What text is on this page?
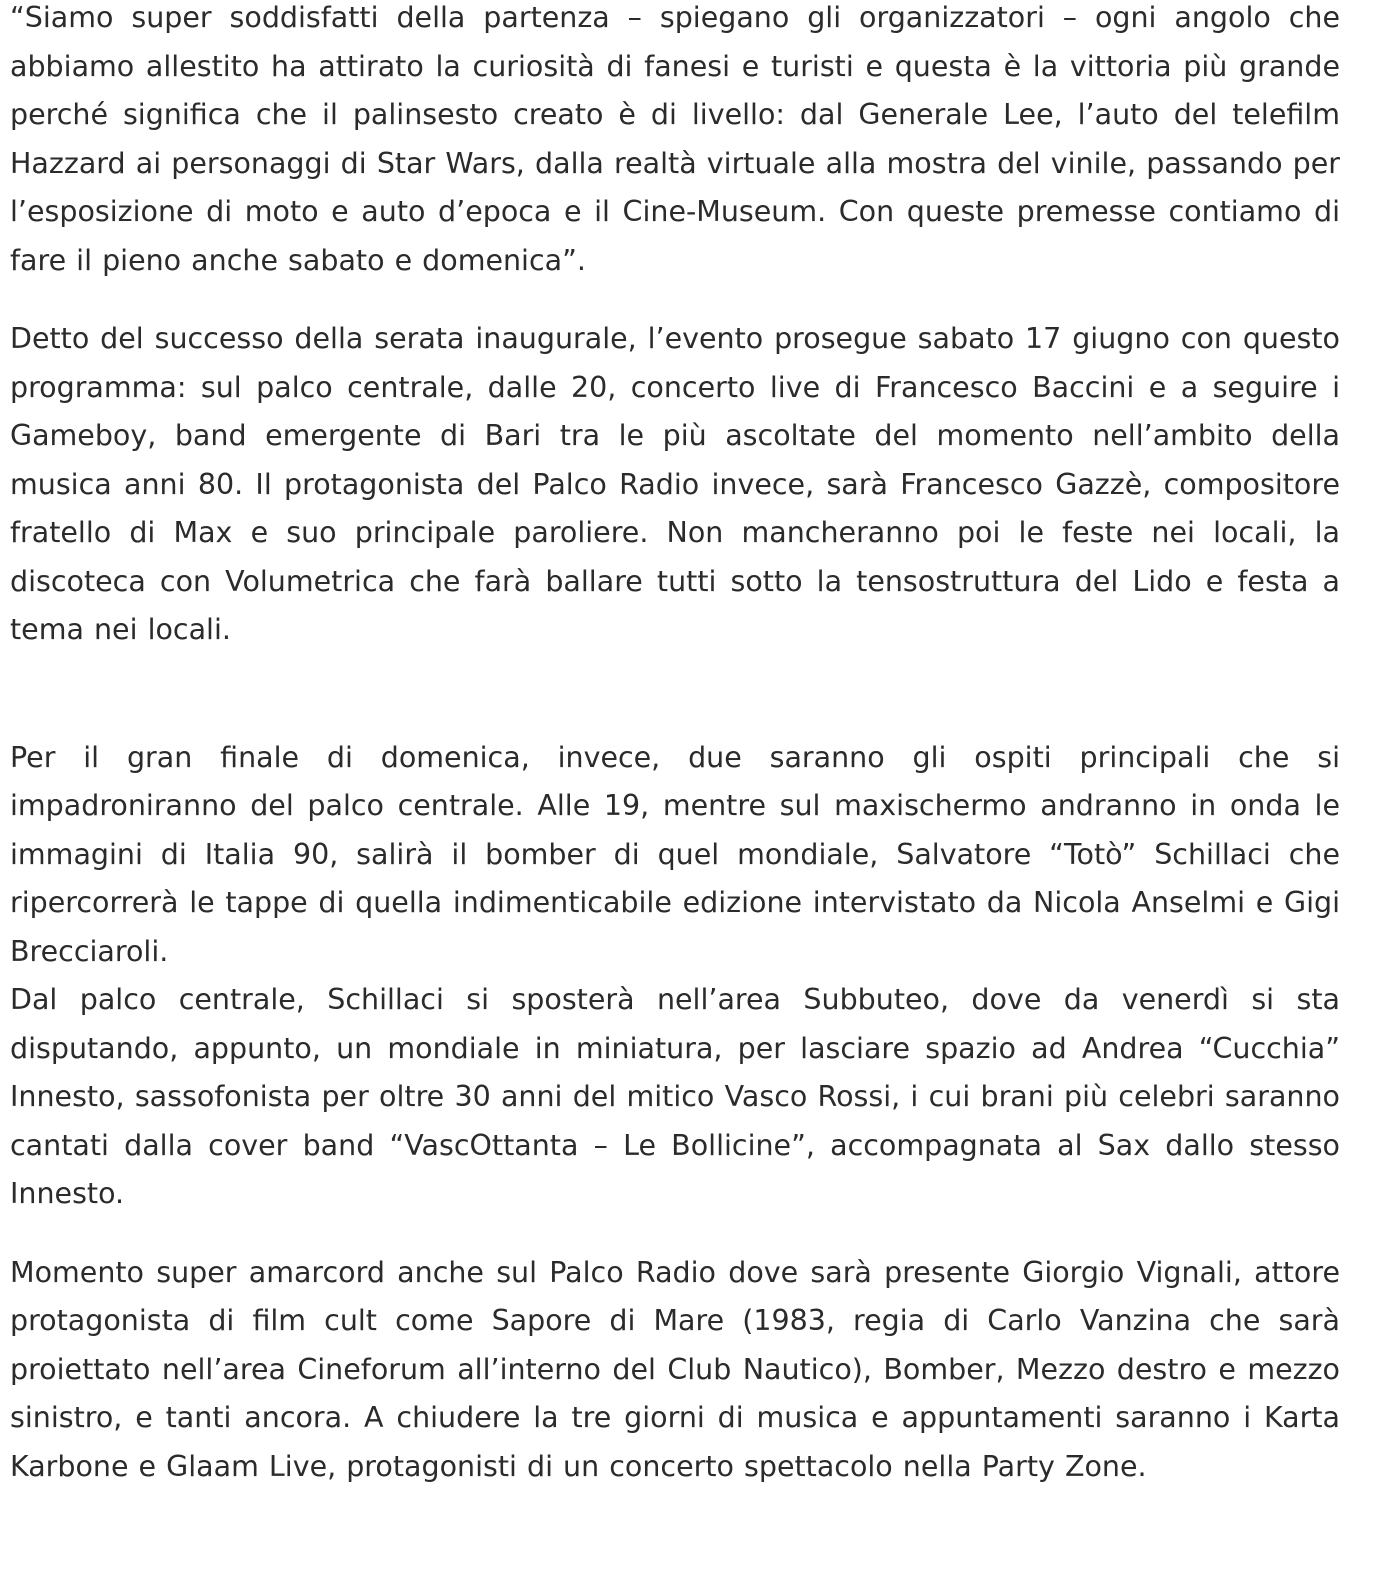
“Siamo super soddisfatti della partenza – spiegano gli organizzatori – ogni angolo che abbiamo allestito ha attirato la curiosità di fanesi e turisti e questa è la vittoria più grande perché significa che il palinsesto creato è di livello: dal Generale Lee, l’auto del telefilm Hazzard ai personaggi di Star Wars, dalla realtà virtuale alla mostra del vinile, passando per l’esposizione di moto e auto d’epoca e il Cine-Museum. Con queste premesse contiamo di fare il pieno anche sabato e domenica”.

Detto del successo della serata inaugurale, l’evento prosegue sabato 17 giugno con questo programma: sul palco centrale, dalle 20, concerto live di Francesco Baccini e a seguire i Gameboy, band emergente di Bari tra le più ascoltate del momento nell’ambito della musica anni 80. Il protagonista del Palco Radio invece, sarà Francesco Gazzè, compositore fratello di Max e suo principale paroliere. Non mancheranno poi le feste nei locali, la discoteca con Volumetrica che farà ballare tutti sotto la tensostruttura del Lido e festa a tema nei locali.

Per il gran finale di domenica, invece, due saranno gli ospiti principali che si impadroniranno del palco centrale. Alle 19, mentre sul maxischermo andranno in onda le immagini di Italia 90, salirà il bomber di quel mondiale, Salvatore “Totò” Schillaci che ripercorrerà le tappe di quella indimenticabile edizione intervistato da Nicola Anselmi e Gigi Brecciaroli.

Dal palco centrale, Schillaci si sposterà nell’area Subbuteo, dove da venerdì si sta disputando, appunto, un mondiale in miniatura, per lasciare spazio ad Andrea “Cucchia” Innesto, sassofonista per oltre 30 anni del mitico Vasco Rossi, i cui brani più celebri saranno cantati dalla cover band “VascOttanta – Le Bollicine”, accompagnata al Sax dallo stesso Innesto.

Momento super amarcord anche sul Palco Radio dove sarà presente Giorgio Vignali, attore protagonista di film cult come Sapore di Mare (1983, regia di Carlo Vanzina che sarà proiettato nell’area Cineforum all’interno del Club Nautico), Bomber, Mezzo destro e mezzo sinistro, e tanti ancora. A chiudere la tre giorni di musica e appuntamenti saranno i Karta Karbone e Glaam Live, protagonisti di un concerto spettacolo nella Party Zone.
